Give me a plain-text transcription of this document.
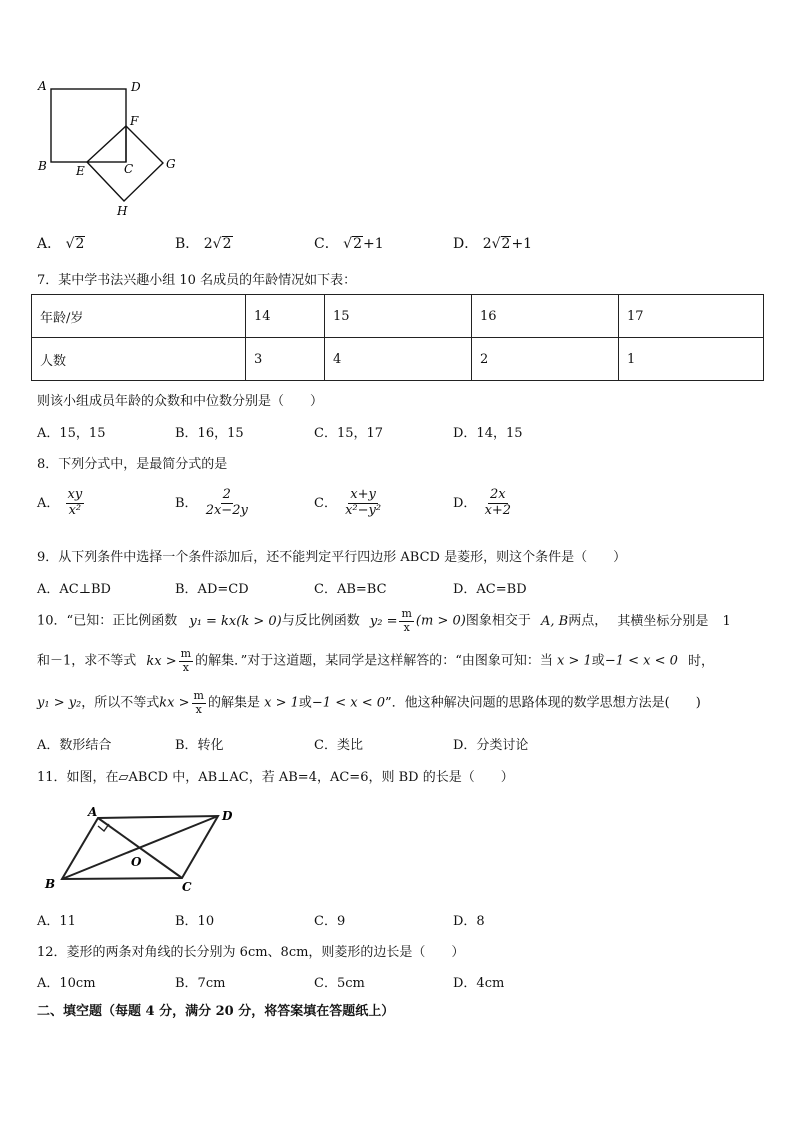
A	D
F
B E	C	G
H
A． √2	B． 2√2	C． √2+1	D． 2√2+1
7．某中学书法兴趣小组 10 名成员的年龄情况如下表：
年龄/岁	14	15	16	17
人数	3	4	2	1
则该小组成员年龄的众数和中位数分别是（　　）
A．15，15	B．16，15	C．15，17	D．14，15
8．下列分式中，是最简分式的是
A． $\frac{xy}{\text{x²}}$	B． $\frac{2}{2x-2y}$	C． $\frac{x+y}{\text{x²−y²}}$	D． $\frac{2x}{x+2}$
9．从下列条件中选择一个条件添加后，还不能判定平行四边形 ABCD 是菱形，则这个条件是（　　）
A．AC⊥BD	B．AD=CD	C．AB=BC	D．AC=BD
10．“已知：正比例函数 y₁ = kx(k > 0)与反比例函数 $y_2 = \frac{m}{x} (m > 0)$图象相交于 A, B两点， 其横坐标分别是 1
和－1，求不等式 kx > $\frac{m}{x}$ 的解集．”对于这道题，某同学是这样解答的：“由图象可知：当 x > 1或−1 < x < 0 时，
y₁ > y₂，所以不等式kx > $\frac{m}{x}$ 的解集是 x > 1或−1 < x < 0”．他这种解决问题的思路体现的数学思想方法是(　　)
A．数形结合	B．转化	C．类比	D．分类讨论
11．如图，在▱ABCD 中，AB⊥AC，若 AB=4，AC=6，则 BD 的长是（　　）
A	D
B	C
O
A．11	B．10	C．9	D．8
12．菱形的两条对角线的长分别为 6cm、8cm，则菱形的边长是（　　）
A．10cm	B．7cm	C．5cm	D．4cm
二、填空题（每题 4 分，满分 20 分，将答案填在答题纸上）
